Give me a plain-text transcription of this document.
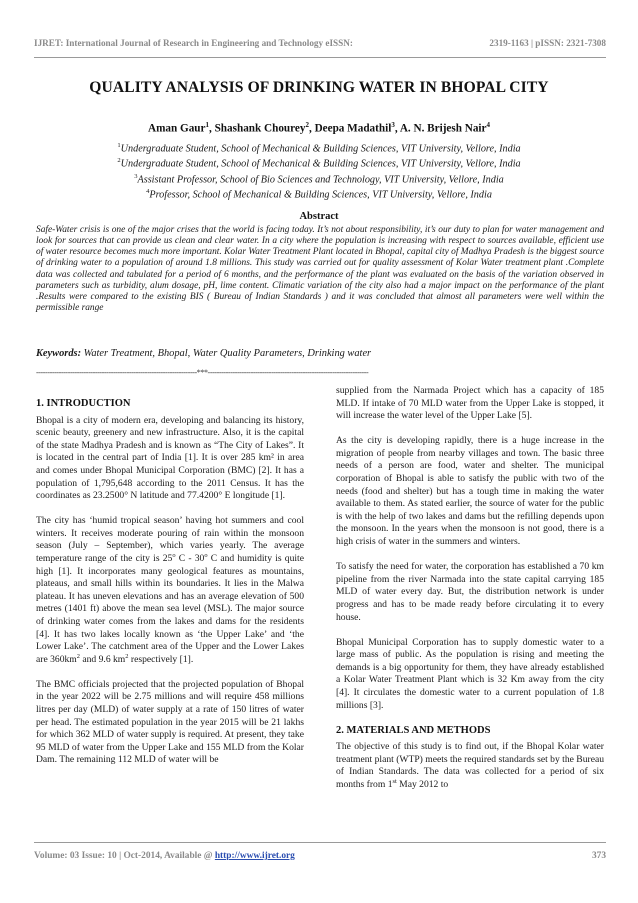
IJRET: International Journal of Research in Engineering and Technology eISSN:	2319-1163 | pISSN: 2321-7308
QUALITY ANALYSIS OF DRINKING WATER IN BHOPAL CITY
Aman Gaur$^1$, Shashank Chourey$^2$, Deepa Madathil$^3$, A. N. Brijesh Nair$^4$
$^1$Undergraduate Student, School of Mechanical & Building Sciences, VIT University, Vellore, India
$^2$Undergraduate Student, School of Mechanical & Building Sciences, VIT University, Vellore, India
$^3$Assistant Professor, School of Bio Sciences and Technology, VIT University, Vellore, India
$^4$Professor, School of Mechanical & Building Sciences, VIT University, Vellore, India
Abstract
Safe-Water crisis is one of the major crises that the world is facing today. It’s not about responsibility, it’s our duty to plan for water management and look for sources that can provide us clean and clear water. In a city where the population is increasing with respect to sources available, efficient use of water resource becomes much more important. Kolar Water Treatment Plant located in Bhopal, capital city of Madhya Pradesh is the biggest source of drinking water to a population of around 1.8 millions. This study was carried out for quality assessment of Kolar Water treatment plant .Complete data was collected and tabulated for a period of 6 months, and the performance of the plant was evaluated on the basis of the variation observed in parameters such as turbidity, alum dosage, pH, lime content. Climatic variation of the city also had a major impact on the performance of the plant .Results were compared to the existing BIS ( Bureau of Indian Standards ) and it was concluded that almost all parameters were well within the permissible range
Keywords: Water Treatment, Bhopal, Water Quality Parameters, Drinking water
-----------------------------------------------------------------------***-----------------------------------------------------------------------
1. INTRODUCTION

Bhopal is a city of modern era, developing and balancing its history, scenic beauty, greenery and new infrastructure. Also, it is the capital of the state Madhya Pradesh and is known as “The City of Lakes”. It is located in the central part of India [1]. It is over 285 km² in area and comes under Bhopal Municipal Corporation (BMC) [2]. It has a population of 1,795,648 according to the 2011 Census. It has the coordinates as 23.2500° N latitude and 77.4200° E longitude [1].

The city has ‘humid tropical season’ having hot summers and cool winters. It receives moderate pouring of rain within the monsoon season (July – September), which varies yearly. The average temperature range of the city is 25$^o$ C - 30$^o$ C and humidity is quite high [1]. It incorporates many geological features as mountains, plateaus, and small hills within its boundaries. It lies in the Malwa plateau. It has uneven elevations and has an average elevation of 500 metres (1401 ft) above the mean sea level (MSL). The major source of drinking water comes from the lakes and dams for the residents [4]. It has two lakes locally known as ‘the Upper Lake’ and ‘the Lower Lake’. The catchment area of the Upper and the Lower Lakes are $360km^2$ and 9.6 $km^2$ respectively [1].

The BMC officials projected that the projected population of Bhopal in the year 2022 will be 2.75 millions and will require 458 millions litres per day (MLD) of water supply at a rate of 150 litres of water per head. The estimated population in the year 2015 will be 21 lakhs for which 362 MLD of water supply is required. At present, they take 95 MLD of water from the Upper Lake and 155 MLD from the Kolar Dam. The remaining 112 MLD of water will be

supplied from the Narmada Project which has a capacity of 185 MLD. If intake of 70 MLD water from the Upper Lake is stopped, it will increase the water level of the Upper Lake [5].

As the city is developing rapidly, there is a huge increase in the migration of people from nearby villages and town. The basic three needs of a person are food, water and shelter. The municipal corporation of Bhopal is able to satisfy the public with two of the needs (food and shelter) but has a tough time in making the water available to them. As stated earlier, the source of water for the public is with the help of two lakes and dams but the refilling depends upon the monsoon. In the years when the monsoon is not good, there is a high crisis of water in the summers and winters.

To satisfy the need for water, the corporation has established a 70 km pipeline from the river Narmada into the state capital carrying 185 MLD of water every day. But, the distribution network is under progress and has to be made ready before circulating it to every house.

Bhopal Municipal Corporation has to supply domestic water to a large mass of public. As the population is rising and meeting the demands is a big opportunity for them, they have already established a Kolar Water Treatment Plant which is 32 Km away from the city [4]. It circulates the domestic water to a current population of 1.8 millions [3].

2. MATERIALS AND METHODS

The objective of this study is to find out, if the Bhopal Kolar water treatment plant (WTP) meets the required standards set by the Bureau of Indian Standards. The data was collected for a period of six months from 1st May 2012 to

Volume: 03 Issue: 10 | Oct-2014, Available @ http://www.ijret.org	373
